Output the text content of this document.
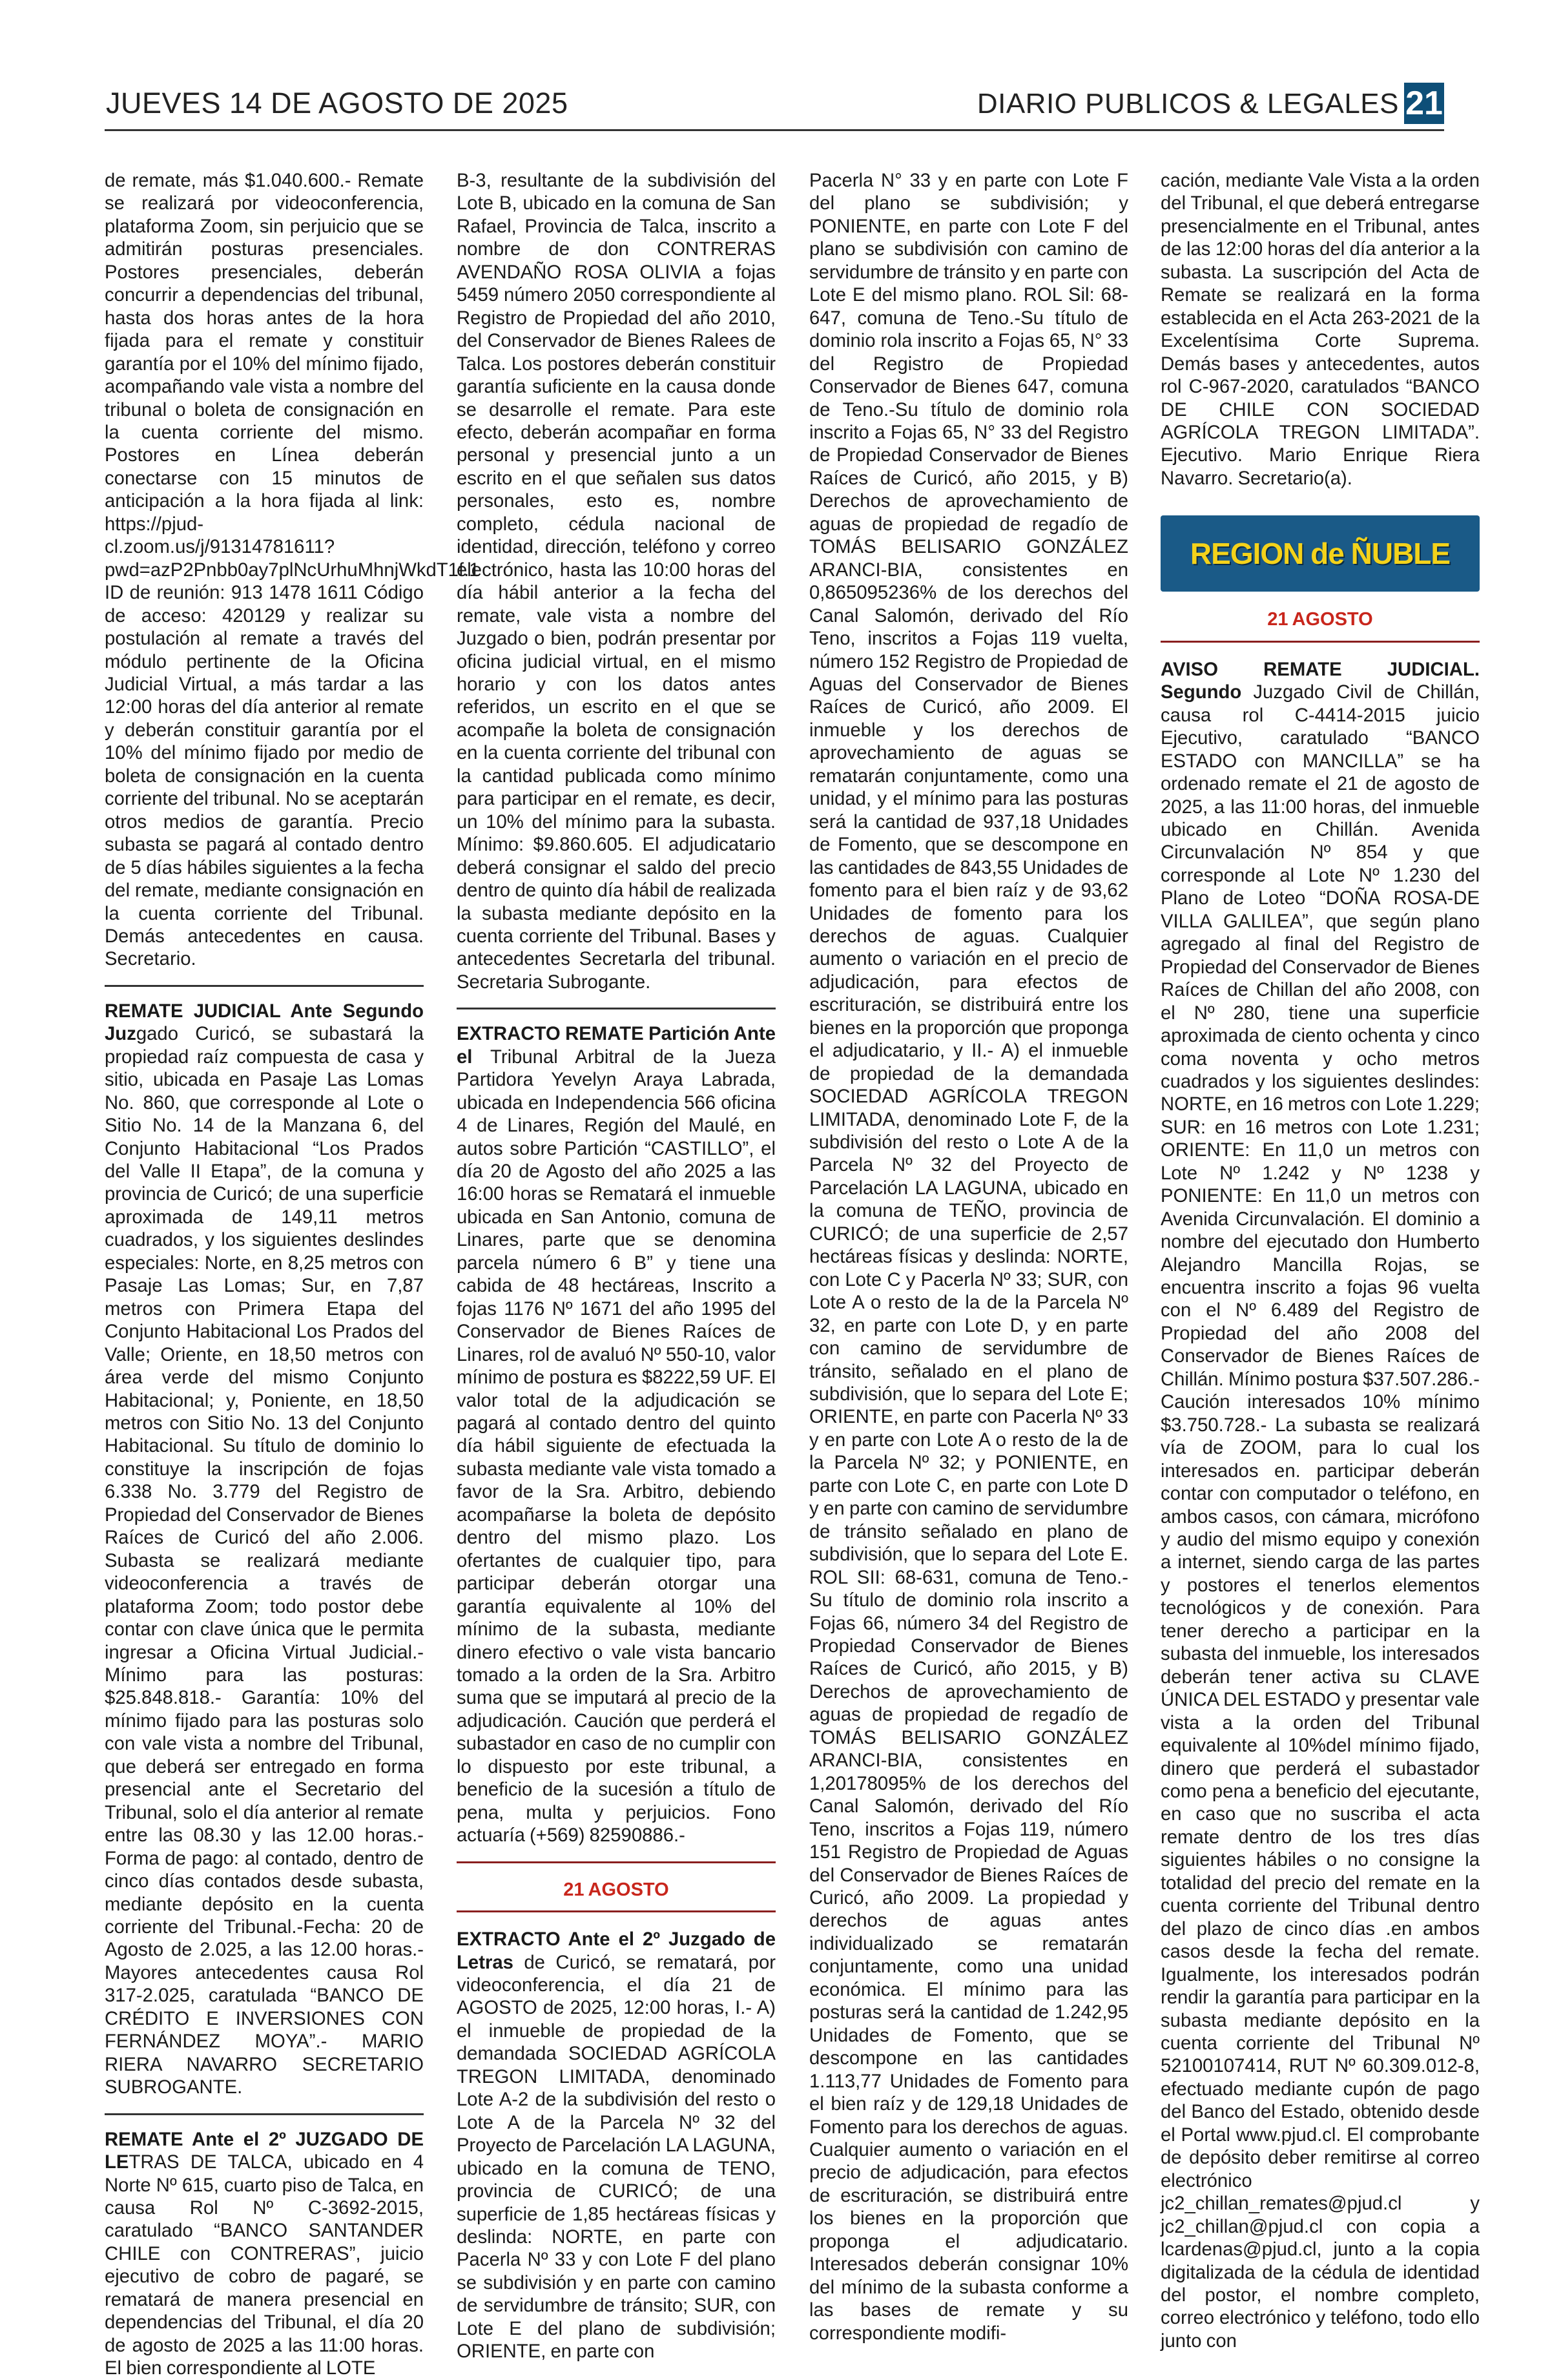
JUEVES 14 DE AGOSTO DE 2025	DIARIO PUBLICOS & LEGALES 21

de remate, más $1.040.600.- Remate se realizará por videoconferencia, plataforma Zoom, sin perjuicio que se admitirán posturas presenciales. Postores presenciales, deberán concurrir a dependencias del tribunal, hasta dos horas antes de la hora fijada para el remate y constituir garantía por el 10% del mínimo fijado, acompañando vale vista a nombre del tribunal o boleta de consignación en la cuenta corriente del mismo. Postores en Línea deberán conectarse con 15 minutos de anticipación a la hora fijada al link: https://pjud-cl.zoom.us/j/91314781611?pwd=azP2Pnbb0ay7plNcUrhuMhnjWkdT1f.1 ID de reunión: 913 1478 1611 Código de acceso: 420129 y realizar su postulación al remate a través del módulo pertinente de la Oficina Judicial Virtual, a más tardar a las 12:00 horas del día anterior al remate y deberán constituir garantía por el 10% del mínimo fijado por medio de boleta de consignación en la cuenta corriente del tribunal. No se aceptarán otros medios de garantía. Precio subasta se pagará al contado dentro de 5 días hábiles siguientes a la fecha del remate, mediante consignación en la cuenta corriente del Tribunal. Demás antecedentes en causa. Secretario.

REMATE JUDICIAL Ante Segundo Juzgado Curicó, se subastará la propiedad raíz compuesta de casa y sitio, ubicada en Pasaje Las Lomas No. 860, que corresponde al Lote o Sitio No. 14 de la Manzana 6, del Conjunto Habitacional “Los Prados del Valle II Etapa”, de la comuna y provincia de Curicó; de una superficie aproximada de 149,11 metros cuadrados, y los siguientes deslindes especiales: Norte, en 8,25 metros con Pasaje Las Lomas; Sur, en 7,87 metros con Primera Etapa del Conjunto Habitacional Los Prados del Valle; Oriente, en 18,50 metros con área verde del mismo Conjunto Habitacional; y, Poniente, en 18,50 metros con Sitio No. 13 del Conjunto Habitacional. Su título de dominio lo constituye la inscripción de fojas 6.338 No. 3.779 del Registro de Propiedad del Conservador de Bienes Raíces de Curicó del año 2.006. Subasta se realizará mediante videoconferencia a través de plataforma Zoom; todo postor debe contar con clave única que le permita ingresar a Oficina Virtual Judicial.- Mínimo para las posturas: $25.848.818.- Garantía: 10% del mínimo fijado para las posturas solo con vale vista a nombre del Tribunal, que deberá ser entregado en forma presencial ante el Secretario del Tribunal, solo el día anterior al remate entre las 08.30 y las 12.00 horas.- Forma de pago: al contado, dentro de cinco días contados desde subasta, mediante depósito en la cuenta corriente del Tribunal.-Fecha: 20 de Agosto de 2.025, a las 12.00 horas.- Mayores antecedentes causa Rol 317-2.025, caratulada “BANCO DE CRÉDITO E INVERSIONES CON FERNÁNDEZ MOYA”.- MARIO RIERA NAVARRO SECRETARIO SUBROGANTE.

REMATE Ante el 2º JUZGADO DE LETRAS DE TALCA, ubicado en 4 Norte Nº 615, cuarto piso de Talca, en causa Rol Nº C-3692-2015, caratulado “BANCO SANTANDER CHILE con CONTRERAS”, juicio ejecutivo de cobro de pagaré, se rematará de manera presencial en dependencias del Tribunal, el día 20 de agosto de 2025 a las 11:00 horas. El bien correspondiente al LOTE

B-3, resultante de la subdivisión del Lote B, ubicado en la comuna de San Rafael, Provincia de Talca, inscrito a nombre de don CONTRERAS AVENDAÑO ROSA OLIVIA a fojas 5459 número 2050 correspondiente al Registro de Propiedad del año 2010, del Conservador de Bienes Ralees de Talca. Los postores deberán constituir garantía suficiente en la causa donde se desarrolle el remate. Para este efecto, deberán acompañar en forma personal y presencial junto a un escrito en el que señalen sus datos personales, esto es, nombre completo, cédula nacional de identidad, dirección, teléfono y correo electrónico, hasta las 10:00 horas del día hábil anterior a la fecha del remate, vale vista a nombre del Juzgado o bien, podrán presentar por oficina judicial virtual, en el mismo horario y con los datos antes referidos, un escrito en el que se acompañe la boleta de consignación en la cuenta corriente del tribunal con la cantidad publicada como mínimo para participar en el remate, es decir, un 10% del mínimo para la subasta. Mínimo: $9.860.605. El adjudicatario deberá consignar el saldo del precio dentro de quinto día hábil de realizada la subasta mediante depósito en la cuenta corriente del Tribunal. Bases y antecedentes Secretarla del tribunal. Secretaria Subrogante.

EXTRACTO REMATE Partición Ante el Tribunal Arbitral de la Jueza Partidora Yevelyn Araya Labrada, ubicada en Independencia 566 oficina 4 de Linares, Región del Maulé, en autos sobre Partición “CASTILLO”, el día 20 de Agosto del año 2025 a las 16:00 horas se Rematará el inmueble ubicada en San Antonio, comuna de Linares, parte que se denomina parcela número 6 B” y tiene una cabida de 48 hectáreas, Inscrito a fojas 1176 Nº 1671 del año 1995 del Conservador de Bienes Raíces de Linares, rol de avaluó Nº 550-10, valor mínimo de postura es $8222,59 UF. El valor total de la adjudicación se pagará al contado dentro del quinto día hábil siguiente de efectuada la subasta mediante vale vista tomado a favor de la Sra. Arbitro, debiendo acompañarse la boleta de depósito dentro del mismo plazo. Los ofertantes de cualquier tipo, para participar deberán otorgar una garantía equivalente al 10% del mínimo de la subasta, mediante dinero efectivo o vale vista bancario tomado a la orden de la Sra. Arbitro suma que se imputará al precio de la adjudicación. Caución que perderá el subastador en caso de no cumplir con lo dispuesto por este tribunal, a beneficio de la sucesión a título de pena, multa y perjuicios. Fono actuaría (+569) 82590886.-

21 AGOSTO

EXTRACTO Ante el 2º Juzgado de Letras de Curicó, se rematará, por videoconferencia, el día 21 de AGOSTO de 2025, 12:00 horas, I.- A) el inmueble de propiedad de la demandada SOCIEDAD AGRÍCOLA TREGON LIMITADA, denominado Lote A-2 de la subdivisión del resto o Lote A de la Parcela Nº 32 del Proyecto de Parcelación LA LAGUNA, ubicado en la comuna de TENO, provincia de CURICÓ; de una superficie de 1,85 hectáreas físicas y deslinda: NORTE, en parte con Pacerla Nº 33 y con Lote F del plano se subdivisión y en parte con camino de servidumbre de tránsito; SUR, con Lote E del plano de subdivisión; ORIENTE, en parte con

Pacerla N° 33 y en parte con Lote F del plano se subdivisión; y PONIENTE, en parte con Lote F del plano se subdivisión con camino de servidumbre de tránsito y en parte con Lote E del mismo plano. ROL Sil: 68-647, comuna de Teno.-Su título de dominio rola inscrito a Fojas 65, N° 33 del Registro de Propiedad Conservador de Bienes 647, comuna de Teno.-Su título de dominio rola inscrito a Fojas 65, N° 33 del Registro de Propiedad Conservador de Bienes Raíces de Curicó, año 2015, y B) Derechos de aprovechamiento de aguas de propiedad de regadío de TOMÁS BELISARIO GONZÁLEZ ARANCI-BIA, consistentes en 0,865095236% de los derechos del Canal Salomón, derivado del Río Teno, inscritos a Fojas 119 vuelta, número 152 Registro de Propiedad de Aguas del Conservador de Bienes Raíces de Curicó, año 2009. El inmueble y los derechos de aprovechamiento de aguas se rematarán conjuntamente, como una unidad, y el mínimo para las posturas será la cantidad de 937,18 Unidades de Fomento, que se descompone en las cantidades de 843,55 Unidades de fomento para el bien raíz y de 93,62 Unidades de fomento para los derechos de aguas. Cualquier aumento o variación en el precio de adjudicación, para efectos de escrituración, se distribuirá entre los bienes en la proporción que proponga el adjudicatario, y II.- A) el inmueble de propiedad de la demandada SOCIEDAD AGRÍCOLA TREGON LIMITADA, denominado Lote F, de la subdivisión del resto o Lote A de la Parcela Nº 32 del Proyecto de Parcelación LA LAGUNA, ubicado en la comuna de TEÑO, provincia de CURICÓ; de una superficie de 2,57 hectáreas físicas y deslinda: NORTE, con Lote C y Pacerla Nº 33; SUR, con Lote A o resto de la de la Parcela Nº 32, en parte con Lote D, y en parte con camino de servidumbre de tránsito, señalado en el plano de subdivisión, que lo separa del Lote E; ORIENTE, en parte con Pacerla Nº 33 y en parte con Lote A o resto de la de la Parcela Nº 32; y PONIENTE, en parte con Lote C, en parte con Lote D y en parte con camino de servidumbre de tránsito señalado en plano de subdivisión, que lo separa del Lote E. ROL SII: 68-631, comuna de Teno.- Su título de dominio rola inscrito a Fojas 66, número 34 del Registro de Propiedad Conservador de Bienes Raíces de Curicó, año 2015, y B) Derechos de aprovechamiento de aguas de propiedad de regadío de TOMÁS BELISARIO GONZÁLEZ ARANCI-BIA, consistentes en 1,20178095% de los derechos del Canal Salomón, derivado del Río Teno, inscritos a Fojas 119, número 151 Registro de Propiedad de Aguas del Conservador de Bienes Raíces de Curicó, año 2009. La propiedad y derechos de aguas antes individualizado se rematarán conjuntamente, como una unidad económica. El mínimo para las posturas será la cantidad de 1.242,95 Unidades de Fomento, que se descompone en las cantidades 1.113,77 Unidades de Fomento para el bien raíz y de 129,18 Unidades de Fomento para los derechos de aguas. Cualquier aumento o variación en el precio de adjudicación, para efectos de escrituración, se distribuirá entre los bienes en la proporción que proponga el adjudicatario. Interesados deberán consignar 10% del mínimo de la subasta conforme a las bases de remate y su correspondiente modifi-

cación, mediante Vale Vista a la orden del Tribunal, el que deberá entregarse presencialmente en el Tribunal, antes de las 12:00 horas del día anterior a la subasta. La suscripción del Acta de Remate se realizará en la forma establecida en el Acta 263-2021 de la Excelentísima Corte Suprema. Demás bases y antecedentes, autos rol C-967-2020, caratulados “BANCO DE CHILE CON SOCIEDAD AGRÍCOLA TREGON LIMITADA”. Ejecutivo. Mario Enrique Riera Navarro. Secretario(a).

REGION de ÑUBLE
21 AGOSTO

AVISO REMATE JUDICIAL. Segundo Juzgado Civil de Chillán, causa rol C-4414-2015 juicio Ejecutivo, caratulado “BANCO ESTADO con MANCILLA” se ha ordenado remate el 21 de agosto de 2025, a las 11:00 horas, del inmueble ubicado en Chillán. Avenida Circunvalación Nº 854 y que corresponde al Lote Nº 1.230 del Plano de Loteo “DOÑA ROSA-DE VILLA GALILEA”, que según plano agregado al final del Registro de Propiedad del Conservador de Bienes Raíces de Chillan del año 2008, con el Nº 280, tiene una superficie aproximada de ciento ochenta y cinco coma noventa y ocho metros cuadrados y los siguientes deslindes: NORTE, en 16 metros con Lote 1.229; SUR: en 16 metros con Lote 1.231; ORIENTE: En 11,0 un metros con Lote Nº 1.242 y Nº 1238 y PONIENTE: En 11,0 un metros con Avenida Circunvalación. El dominio a nombre del ejecutado don Humberto Alejandro Mancilla Rojas, se encuentra inscrito a fojas 96 vuelta con el Nº 6.489 del Registro de Propiedad del año 2008 del Conservador de Bienes Raíces de Chillán. Mínimo postura $37.507.286.- Caución interesados 10% mínimo $3.750.728.- La subasta se realizará vía de ZOOM, para lo cual los interesados en. participar deberán contar con computador o teléfono, en ambos casos, con cámara, micrófono y audio del mismo equipo y conexión a internet, siendo carga de las partes y postores el tenerlos elementos tecnológicos y de conexión. Para tener derecho a participar en la subasta del inmueble, los interesados deberán tener activa su CLAVE ÚNICA DEL ESTADO y presentar vale vista a la orden del Tribunal equivalente al 10%del mínimo fijado, dinero que perderá el subastador como pena a beneficio del ejecutante, en caso que no suscriba el acta remate dentro de los tres días siguientes hábiles o no consigne la totalidad del precio del remate en la cuenta corriente del Tribunal dentro del plazo de cinco días .en ambos casos desde la fecha del remate. Igualmente, los interesados podrán rendir la garantía para participar en la subasta mediante depósito en la cuenta corriente del Tribunal Nº 52100107414, RUT Nº 60.309.012-8, efectuado mediante cupón de pago del Banco del Estado, obtenido desde el Portal www.pjud.cl. El comprobante de depósito deber remitirse al correo electrónico jc2_chillan_remates@pjud.cl y jc2_chillan@pjud.cl con copia a lcardenas@pjud.cl, junto a la copia digitalizada de la cédula de identidad del postor, el nombre completo, correo electrónico y teléfono, todo ello junto con
